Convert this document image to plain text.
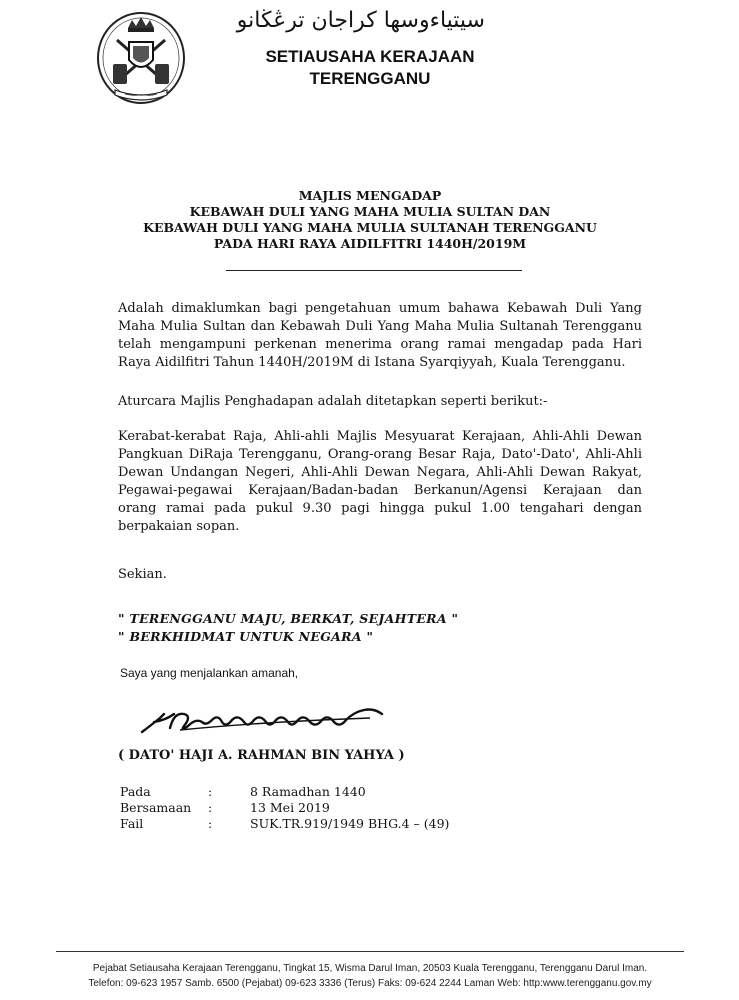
سيتياءوسها كراجان ترڠڬانو
SETIAUSAHA KERAJAAN
TERENGGANU
MAJLIS MENGADAP
KEBAWAH DULI YANG MAHA MULIA SULTAN DAN
KEBAWAH DULI YANG MAHA MULIA SULTANAH TERENGGANU
PADA HARI RAYA AIDILFITRI 1440H/2019M
Adalah dimaklumkan bagi pengetahuan umum bahawa Kebawah Duli Yang
Maha Mulia Sultan dan Kebawah Duli Yang Maha Mulia Sultanah Terengganu
telah mengampuni perkenan menerima orang ramai mengadap pada Hari
Raya Aidilfitri Tahun 1440H/2019M di Istana Syarqiyyah, Kuala Terengganu.
Aturcara Majlis Penghadapan adalah ditetapkan seperti berikut:-
Kerabat-kerabat Raja, Ahli-ahli Majlis Mesyuarat Kerajaan, Ahli-Ahli Dewan
Pangkuan DiRaja Terengganu, Orang-orang Besar Raja, Dato'-Dato', Ahli-Ahli
Dewan Undangan Negeri, Ahli-Ahli Dewan Negara, Ahli-Ahli Dewan Rakyat,
Pegawai-pegawai Kerajaan/Badan-badan Berkanun/Agensi Kerajaan dan
orang ramai pada pukul 9.30 pagi hingga pukul 1.00 tengahari dengan
berpakaian sopan.
Sekian.
" TERENGGANU MAJU, BERKAT, SEJAHTERA "
" BERKHIDMAT UNTUK NEGARA "
Saya yang menjalankan amanah,
( DATO' HAJI A. RAHMAN BIN YAHYA )
Pada	:	8 Ramadhan 1440
Bersamaan	:	13 Mei 2019
Fail	:	SUK.TR.919/1949 BHG.4 – (49)
Pejabat Setiausaha Kerajaan Terengganu, Tingkat 15, Wisma Darul Iman, 20503 Kuala Terengganu, Terengganu Darul Iman.
Telefon: 09-623 1957 Samb. 6500 (Pejabat) 09-623 3336 (Terus) Faks: 09-624 2244 Laman Web: http:www.terengganu.gov.my
